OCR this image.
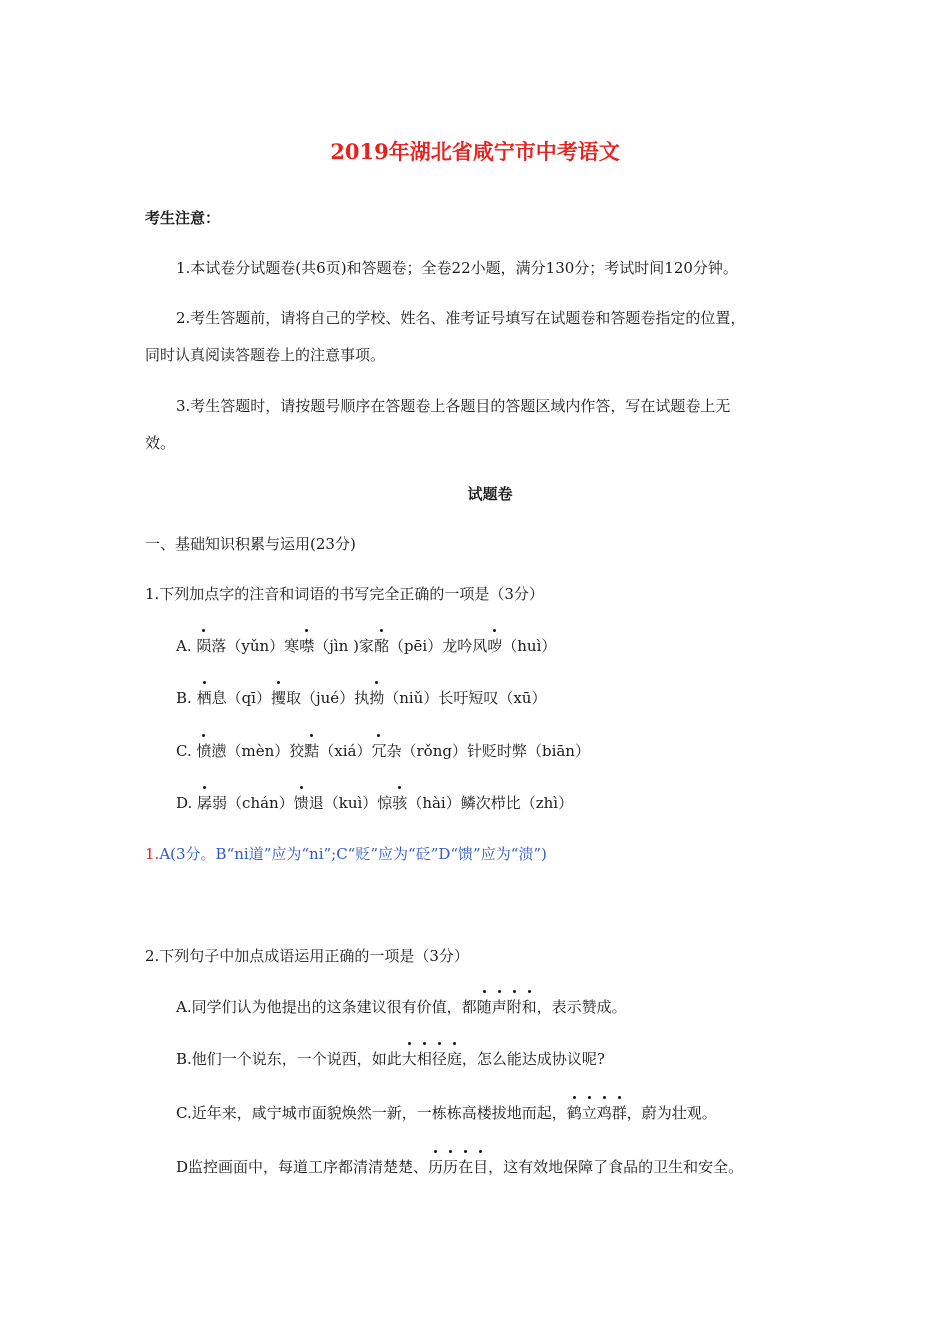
2019年湖北省咸宁市中考语文
考生注意：
1.本试卷分试题卷(共6页)和答题卷；全卷22小题，满分130分；考试时间120分钟。
2.考生答题前，请将自己的学校、姓名、准考证号填写在试题卷和答题卷指定的位置，
同时认真阅读答题卷上的注意事项。
3.考生答题时，请按题号顺序在答题卷上各题目的答题区域内作答，写在试题卷上无
效。
试题卷
一、基础知识积累与运用(23分)
1.下列加点字的注音和词语的书写完全正确的一项是（3分）
A. 陨落（yǔn）寒噤（jìn )家酩（pēi）龙吟风哕（huì）
B. 栖息（qī）攫取（jué）执拗（niǔ）长吁短叹（xū）
C. 愤懑（mèn）狡黠（xiá）冗杂（rǒng）针贬时弊（biān）
D. 孱弱（chán）馈退（kuì）惊骇（hài）鳞次栉比（zhì）
1.A(3分。B“ni道”应为“ni”;C“贬”应为“砭”D“馈”应为“溃”)
2.下列句子中加点成语运用正确的一项是（3分）
A.同学们认为他提出的这条建议很有价值，都随声附和，表示赞成。
B.他们一个说东，一个说西，如此大相径庭，怎么能达成协议呢?
C.近年来，咸宁城市面貌焕然一新，一栋栋高楼拔地而起，鹤立鸡群，蔚为壮观。
D监控画面中，每道工序都清清楚楚、历历在目，这有效地保障了食品的卫生和安全。
